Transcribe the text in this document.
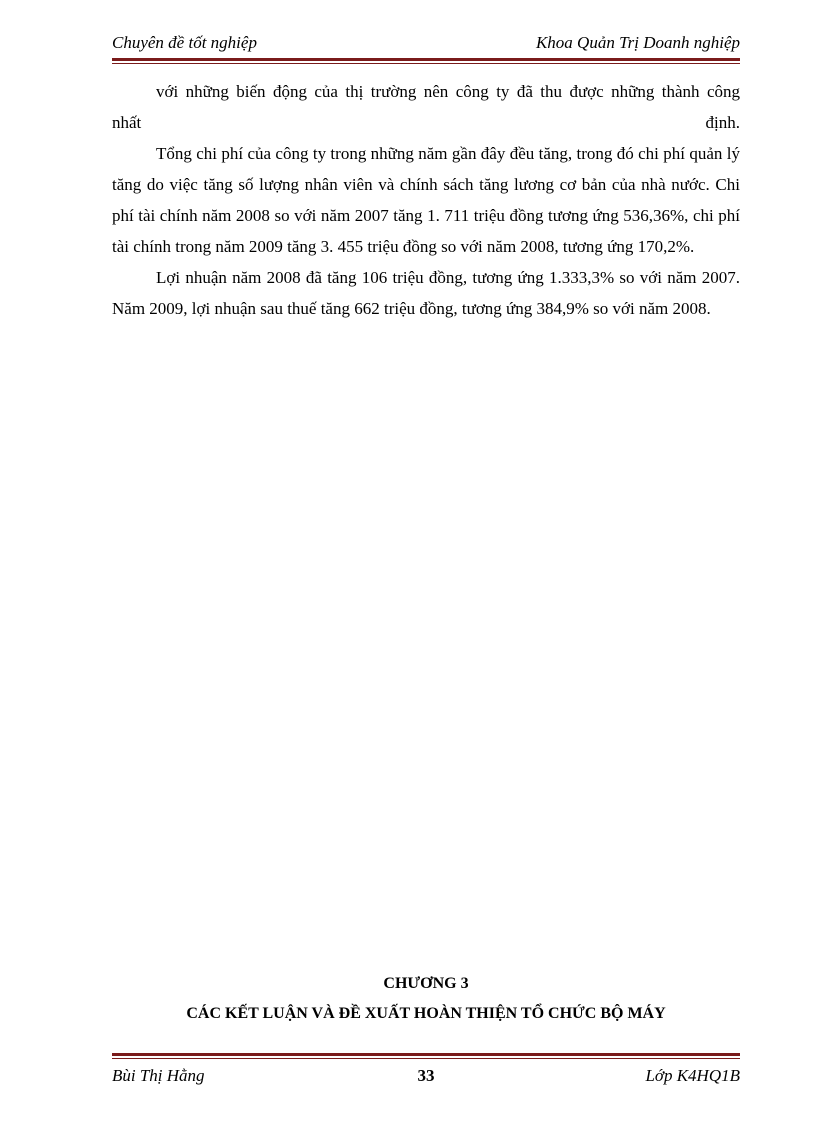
Chuyên đề tốt nghiệp	Khoa Quản Trị Doanh nghiệp

với những biến động của thị trường nên công ty đã thu được những thành công
nhất định.

Tổng chi phí của công ty trong những năm gần đây đều tăng, trong đó chi phí quản lý tăng do việc tăng số lượng nhân viên và chính sách tăng lương cơ bản của nhà nước. Chi phí tài chính năm 2008 so với năm 2007 tăng 1. 711 triệu đồng tương ứng 536,36%, chi phí tài chính trong năm 2009 tăng 3. 455 triệu đồng so với năm 2008, tương ứng 170,2%.

Lợi nhuận năm 2008 đã tăng 106 triệu đồng, tương ứng 1.333,3% so với năm 2007. Năm 2009, lợi nhuận sau thuế tăng 662 triệu đồng, tương ứng 384,9% so với năm 2008.

CHƯƠNG 3
CÁC KẾT LUẬN VÀ ĐỀ XUẤT HOÀN THIỆN TỔ CHỨC BỘ MÁY
Bùi Thị Hằng	33	Lớp K4HQ1B
